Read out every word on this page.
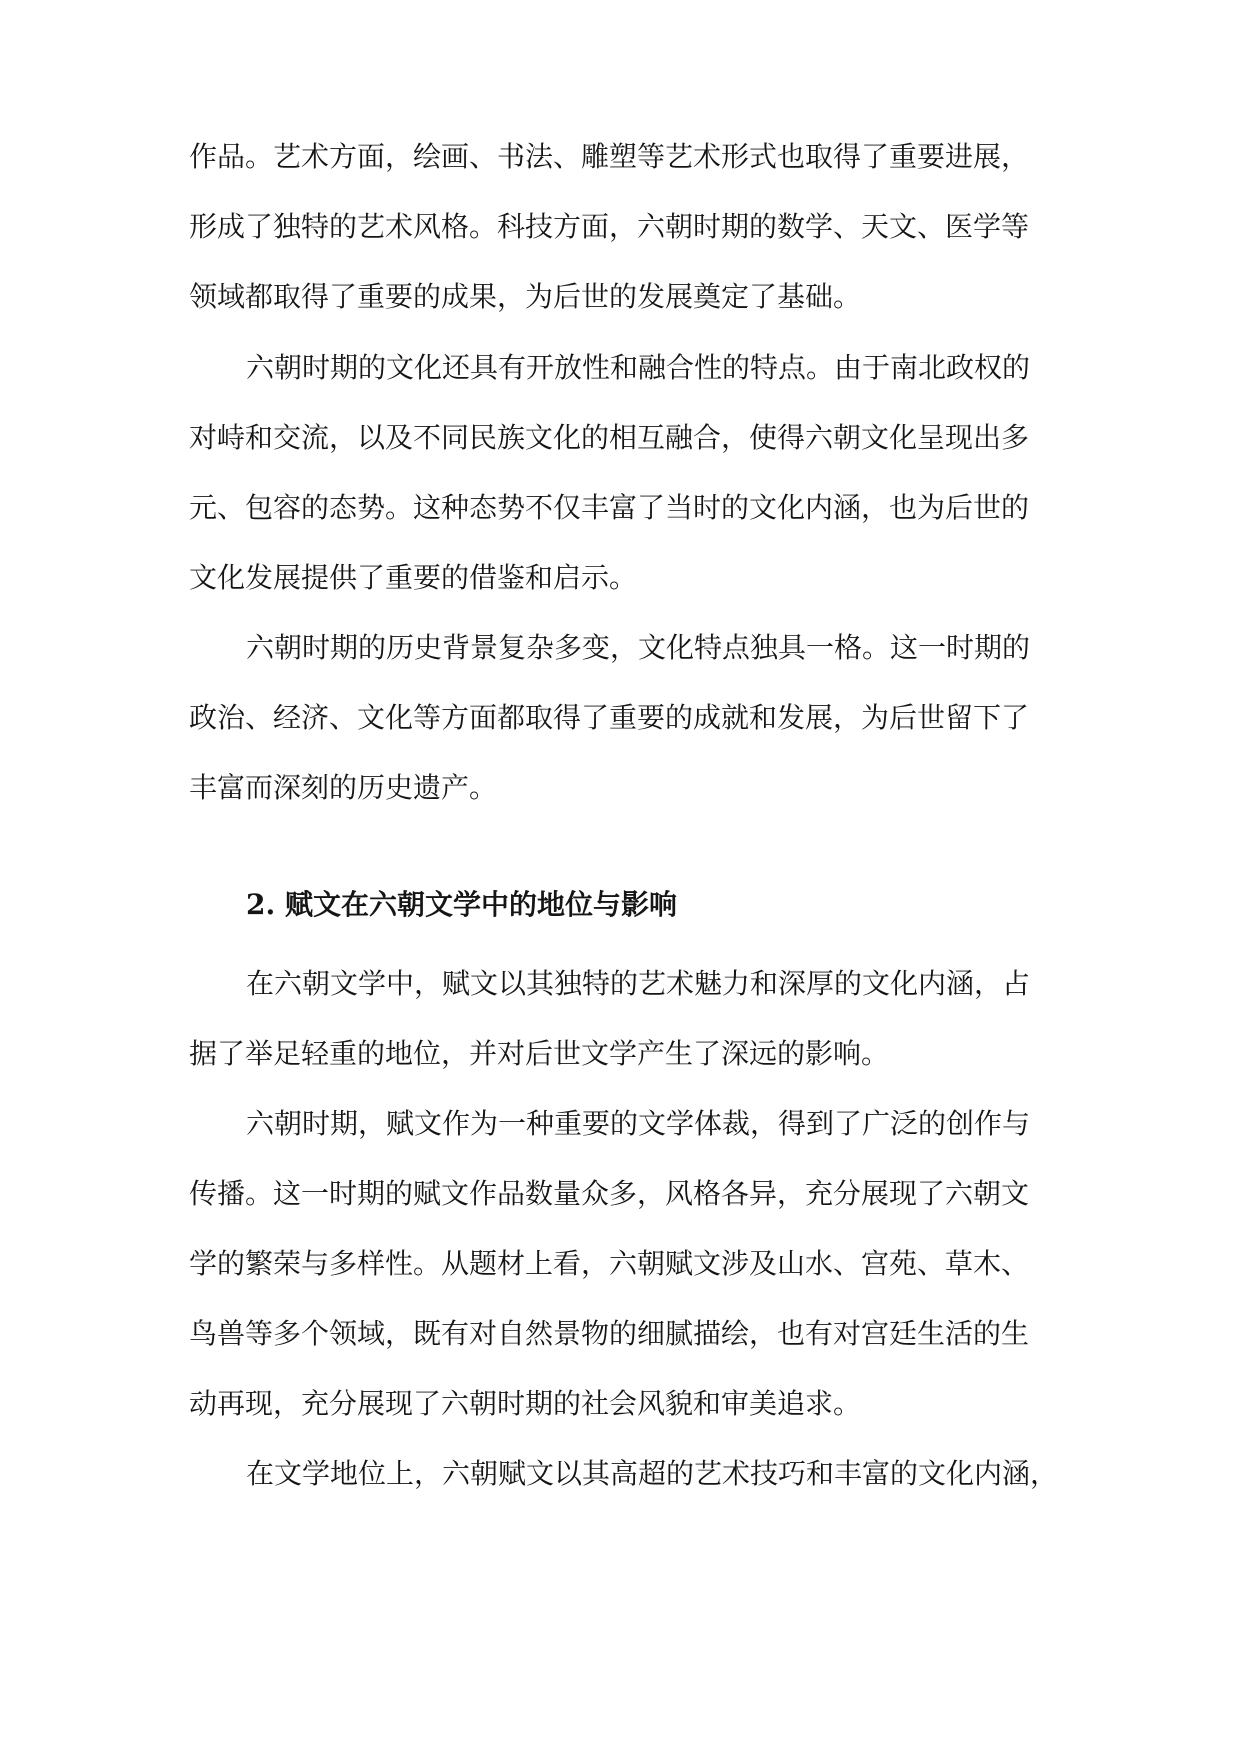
作品。艺术方面，绘画、书法、雕塑等艺术形式也取得了重要进展，
形成了独特的艺术风格。科技方面，六朝时期的数学、天文、医学等
领域都取得了重要的成果，为后世的发展奠定了基础。
六朝时期的文化还具有开放性和融合性的特点。由于南北政权的
对峙和交流，以及不同民族文化的相互融合，使得六朝文化呈现出多
元、包容的态势。这种态势不仅丰富了当时的文化内涵，也为后世的
文化发展提供了重要的借鉴和启示。
六朝时期的历史背景复杂多变，文化特点独具一格。这一时期的
政治、经济、文化等方面都取得了重要的成就和发展，为后世留下了
丰富而深刻的历史遗产。
2. 赋文在六朝文学中的地位与影响
在六朝文学中，赋文以其独特的艺术魅力和深厚的文化内涵，占
据了举足轻重的地位，并对后世文学产生了深远的影响。
六朝时期，赋文作为一种重要的文学体裁，得到了广泛的创作与
传播。这一时期的赋文作品数量众多，风格各异，充分展现了六朝文
学的繁荣与多样性。从题材上看，六朝赋文涉及山水、宫苑、草木、
鸟兽等多个领域，既有对自然景物的细腻描绘，也有对宫廷生活的生
动再现，充分展现了六朝时期的社会风貌和审美追求。
在文学地位上，六朝赋文以其高超的艺术技巧和丰富的文化内涵，
